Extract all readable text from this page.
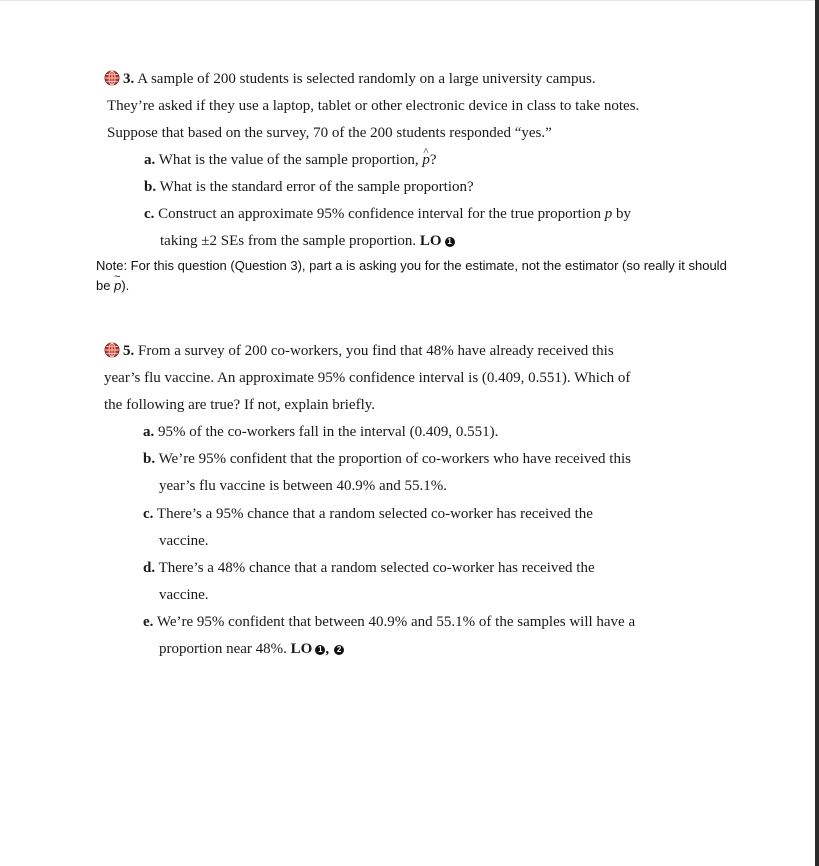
3. A sample of 200 students is selected randomly on a large university campus.
They’re asked if they use a laptop, tablet or other electronic device in class to take notes.
Suppose that based on the survey, 70 of the 200 students responded “yes.”
a. What is the value of the sample proportion, ^ p?
b. What is the standard error of the sample proportion?
c. Construct an approximate 95% confidence interval for the true proportion p by
taking ±2 SEs from the sample proportion. LO 1
Note: For this question (Question 3), part a is asking you for the estimate, not the estimator (so really it should be ~ p).
5. From a survey of 200 co-workers, you find that 48% have already received this
year’s flu vaccine. An approximate 95% confidence interval is (0.409, 0.551). Which of
the following are true? If not, explain briefly.
a. 95% of the co-workers fall in the interval (0.409, 0.551).
b. We’re 95% confident that the proportion of co-workers who have received this
year’s flu vaccine is between 40.9% and 55.1%.
c. There’s a 95% chance that a random selected co-worker has received the
vaccine.
d. There’s a 48% chance that a random selected co-worker has received the
vaccine.
e. We’re 95% confident that between 40.9% and 55.1% of the samples will have a
proportion near 48%. LO 1 , 2
